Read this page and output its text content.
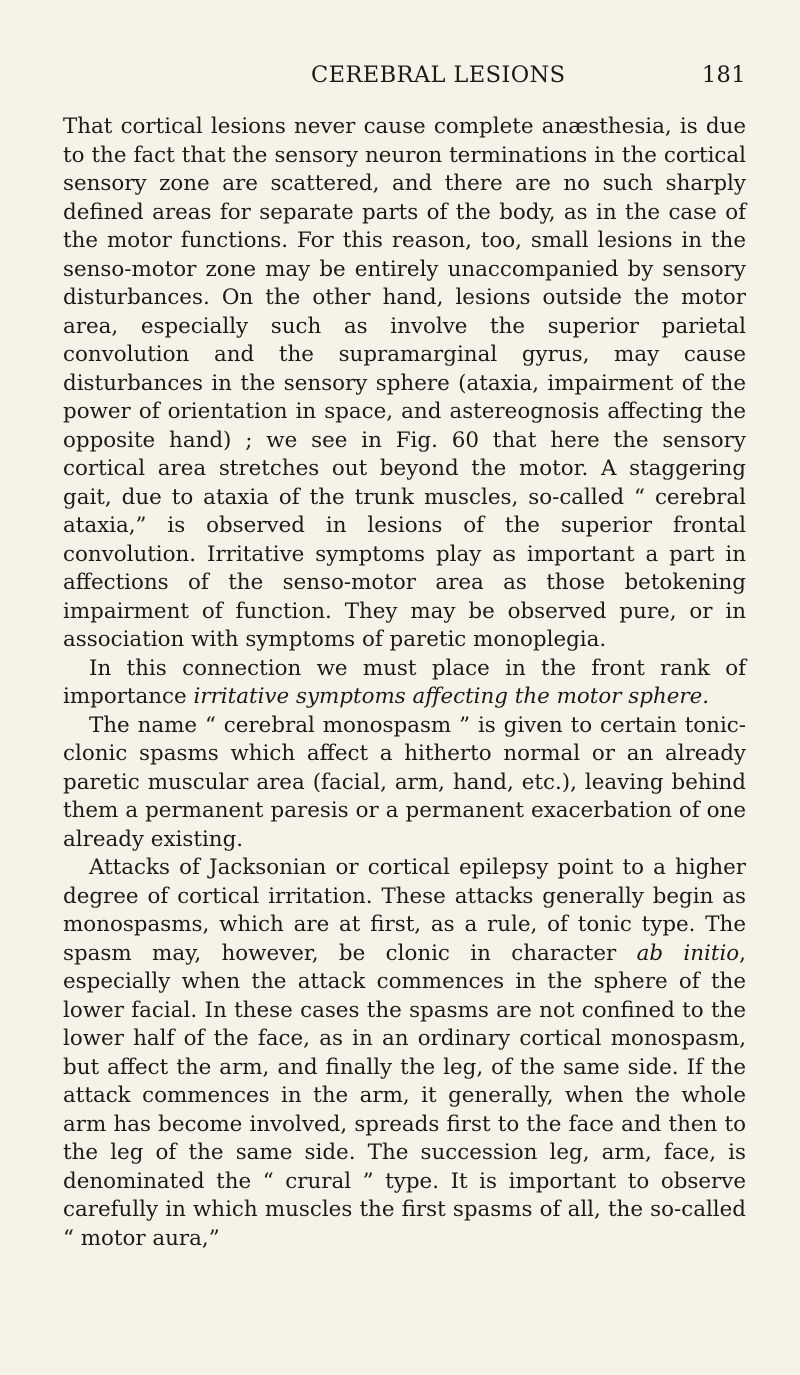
CEREBRAL LESIONS	181

That cortical lesions never cause complete anæsthesia, is due to the fact that the sensory neuron terminations in the cortical sensory zone are scattered, and there are no such sharply defined areas for separate parts of the body, as in the case of the motor functions. For this reason, too, small lesions in the senso-motor zone may be entirely unaccompanied by sensory disturbances. On the other hand, lesions outside the motor area, especially such as involve the superior parietal convolution and the supramarginal gyrus, may cause disturbances in the sensory sphere (ataxia, impairment of the power of orientation in space, and astereognosis affecting the opposite hand) ; we see in Fig. 60 that here the sensory cortical area stretches out beyond the motor. A staggering gait, due to ataxia of the trunk muscles, so-called “ cerebral ataxia,” is observed in lesions of the superior frontal convolution. Irritative symptoms play as important a part in affections of the senso-motor area as those betokening impairment of function. They may be observed pure, or in association with symptoms of paretic monoplegia.

In this connection we must place in the front rank of importance irritative symptoms affecting the motor sphere.

The name “ cerebral monospasm ” is given to certain tonic-clonic spasms which affect a hitherto normal or an already paretic muscular area (facial, arm, hand, etc.), leaving behind them a permanent paresis or a permanent exacerbation of one already existing.

Attacks of Jacksonian or cortical epilepsy point to a higher degree of cortical irritation. These attacks generally begin as monospasms, which are at first, as a rule, of tonic type. The spasm may, however, be clonic in character ab initio, especially when the attack commences in the sphere of the lower facial. In these cases the spasms are not confined to the lower half of the face, as in an ordinary cortical monospasm, but affect the arm, and finally the leg, of the same side. If the attack commences in the arm, it generally, when the whole arm has become involved, spreads first to the face and then to the leg of the same side. The succession leg, arm, face, is denominated the “ crural ” type. It is important to observe carefully in which muscles the first spasms of all, the so-called “ motor aura,”
